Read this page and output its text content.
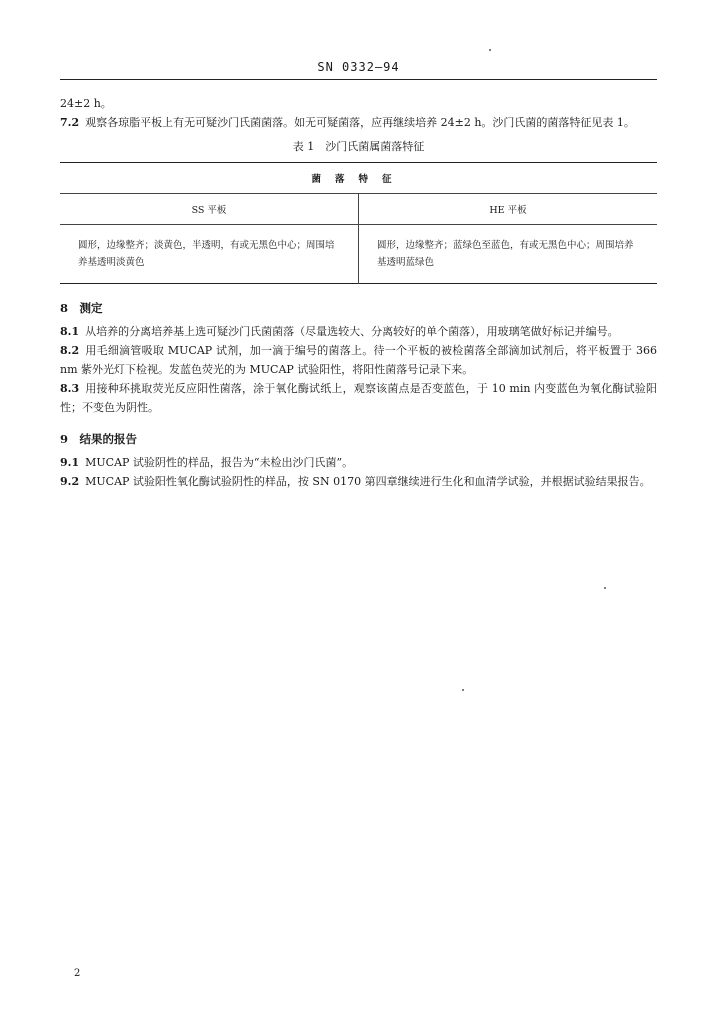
SN 0332—94

24±2 h。

7.2 观察各琼脂平板上有无可疑沙门氏菌菌落。如无可疑菌落，应再继续培养 24±2 h。沙门氏菌的菌落特征见表 1。

表 1　沙门氏菌属菌落特征
菌落特征	
SS 平板	HE 平板
圆形，边缘整齐；淡黄色，半透明，有或无黑色中心；周围培养基透明淡黄色	圆形，边缘整齐；蓝绿色至蓝色，有或无黑色中心；周围培养基透明蓝绿色
8　测定

8.1 从培养的分离培养基上选可疑沙门氏菌菌落（尽量选较大、分离较好的单个菌落），用玻璃笔做好标记并编号。

8.2 用毛细滴管吸取 MUCAP 试剂，加一滴于编号的菌落上。待一个平板的被检菌落全部滴加试剂后，将平板置于 366 nm 紫外光灯下检视。发蓝色荧光的为 MUCAP 试验阳性，将阳性菌落号记录下来。

8.3 用接种环挑取荧光反应阳性菌落，涂于氧化酶试纸上，观察该菌点是否变蓝色，于 10 min 内变蓝色为氧化酶试验阳性；不变色为阴性。

9　结果的报告

9.1 MUCAP 试验阴性的样品，报告为“未检出沙门氏菌”。

9.2 MUCAP 试验阳性氧化酶试验阴性的样品，按 SN 0170 第四章继续进行生化和血清学试验，并根据试验结果报告。

2
